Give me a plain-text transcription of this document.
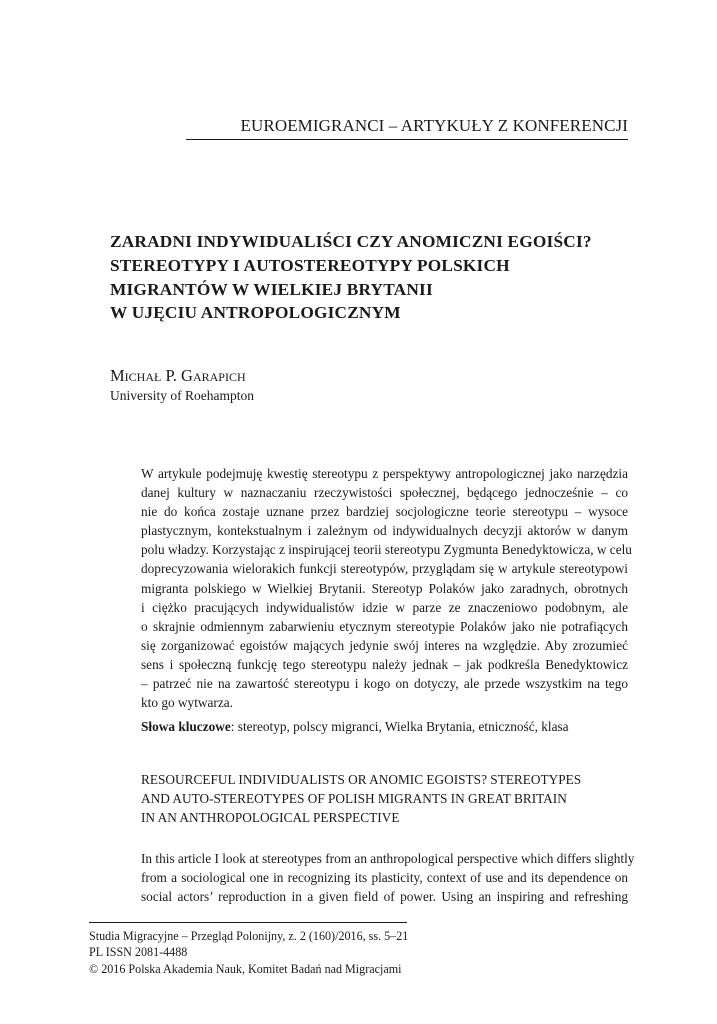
EUROEMIGRANCI – ARTYKUŁY Z KONFERENCJI
ZARADNI INDYWIDUALIŚCI CZY ANOMICZNI EGOIŚCI?
STEREOTYPY I AUTOSTEREOTYPY POLSKICH
MIGRANTÓW W WIELKIEJ BRYTANII
W UJĘCIU ANTROPOLOGICZNYM
Michał P. Garapich
University of Roehampton
W artykule podejmuję kwestię stereotypu z perspektywy antropologicznej jako narzędzia
danej kultury w naznaczaniu rzeczywistości społecznej, będącego jednocześnie – co
nie do końca zostaje uznane przez bardziej socjologiczne teorie stereotypu – wysoce
plastycznym, kontekstualnym i zależnym od indywidualnych decyzji aktorów w danym
polu władzy. Korzystając z inspirującej teorii stereotypu Zygmunta Benedyktowicza, w celu
doprecyzowania wielorakich funkcji stereotypów, przyglądam się w artykule stereotypowi
migranta polskiego w Wielkiej Brytanii. Stereotyp Polaków jako zaradnych, obrotnych
i ciężko pracujących indywidualistów idzie w parze ze znaczeniowo podobnym, ale
o skrajnie odmiennym zabarwieniu etycznym stereotypie Polaków jako nie potrafiących
się zorganizować egoistów mających jedynie swój interes na względzie. Aby zrozumieć
sens i społeczną funkcję tego stereotypu należy jednak – jak podkreśla Benedyktowicz
– patrzeć nie na zawartość stereotypu i kogo on dotyczy, ale przede wszystkim na tego
kto go wytwarza.
Słowa kluczowe: stereotyp, polscy migranci, Wielka Brytania, etniczność, klasa
RESOURCEFUL INDIVIDUALISTS OR ANOMIC EGOISTS? STEREOTYPES
AND AUTO-STEREOTYPES OF POLISH MIGRANTS IN GREAT BRITAIN
IN AN ANTHROPOLOGICAL PERSPECTIVE
In this article I look at stereotypes from an anthropological perspective which differs slightly
from a sociological one in recognizing its plasticity, context of use and its dependence on
social actors’ reproduction in a given field of power. Using an inspiring and refreshing
Studia Migracyjne – Przegląd Polonijny, z. 2 (160)/2016, ss. 5–21
PL ISSN 2081-4488
© 2016 Polska Akademia Nauk, Komitet Badań nad Migracjami
